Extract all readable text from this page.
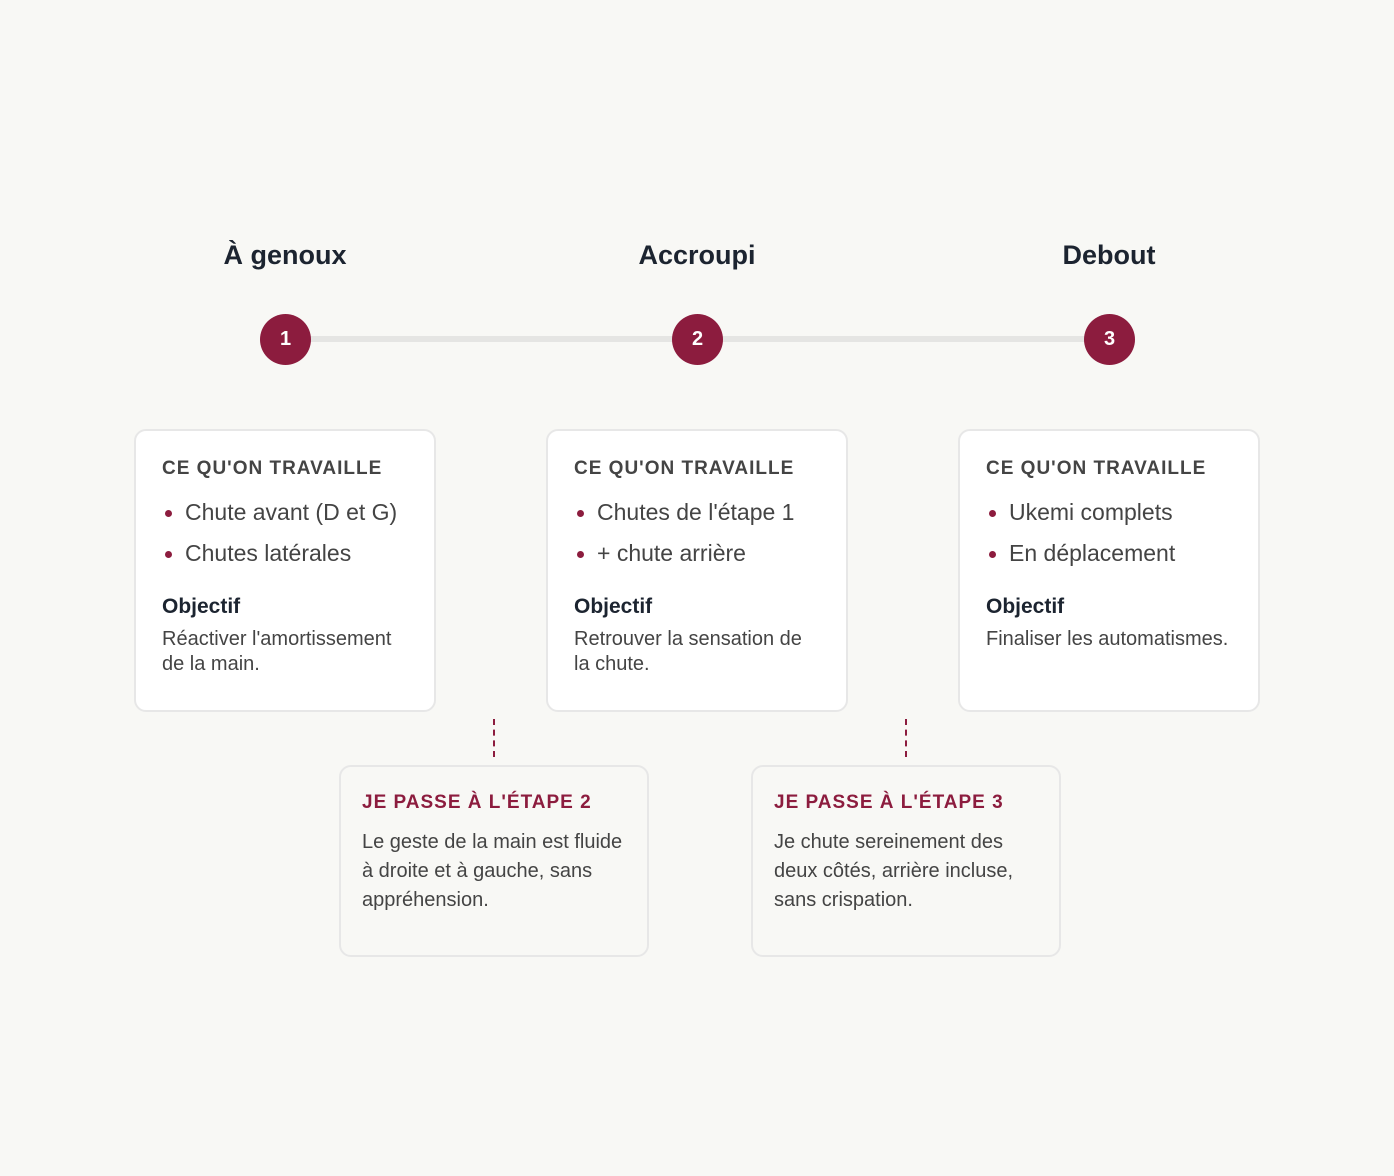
À genoux	Accroupi	Debout
1	2	3
CE QU'ON TRAVAILLE
Chute avant (D et G)
Chutes latérales
Objectif
Réactiver l'amortissement de la main.
CE QU'ON TRAVAILLE
Chutes de l'étape 1
+ chute arrière
Objectif
Retrouver la sensation de la chute.
CE QU'ON TRAVAILLE
Ukemi complets
En déplacement
Objectif
Finaliser les automatismes.
JE PASSE À L'ÉTAPE 2
Le geste de la main est fluide à droite et à gauche, sans appréhension.
JE PASSE À L'ÉTAPE 3
Je chute sereinement des deux côtés, arrière incluse, sans crispation.
